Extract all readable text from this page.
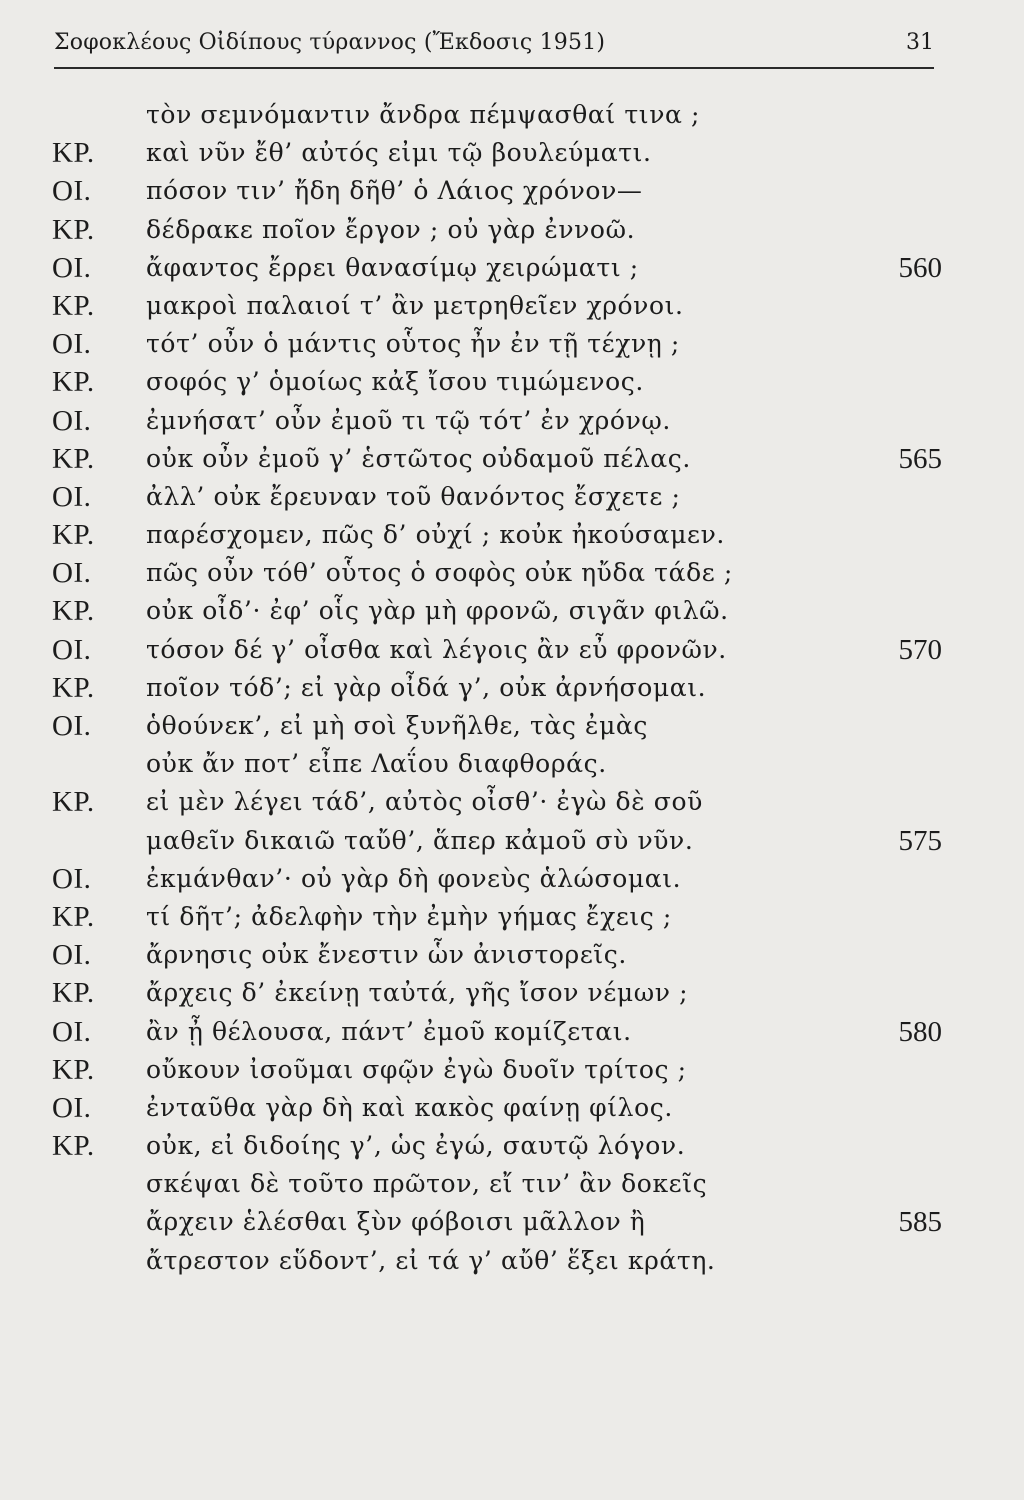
Σοφοκλέους Οἰδίπους τύραννος (Ἔκδοσις 1951)	31
τὸν σεμνόμαντιν ἄνδρα πέμψασθαί τινα ;
ΚΡ. καὶ νῦν ἔθ’ αὐτός εἰμι τῷ βουλεύματι.
ΟΙ. πόσον τιν’ ἤδη δῆθ’ ὁ Λάιος χρόνον—
ΚΡ. δέδρακε ποῖον ἔργον ; οὐ γὰρ ἐννοῶ.
ΟΙ. ἄφαντος ἔρρει θανασίμῳ χειρώματι ;	560
ΚΡ. μακροὶ παλαιοί τ’ ἂν μετρηθεῖεν χρόνοι.
ΟΙ. τότ’ οὖν ὁ μάντις οὗτος ἦν ἐν τῇ τέχνῃ ;
ΚΡ. σοφός γ’ ὁμοίως κἀξ ἴσου τιμώμενος.
ΟΙ. ἐμνήσατ’ οὖν ἐμοῦ τι τῷ τότ’ ἐν χρόνῳ.
ΚΡ. οὐκ οὖν ἐμοῦ γ’ ἑστῶτος οὐδαμοῦ πέλας.	565
ΟΙ. ἀλλ’ οὐκ ἔρευναν τοῦ θανόντος ἔσχετε ;
ΚΡ. παρέσχομεν, πῶς δ’ οὐχί ; κοὐκ ἠκούσαμεν.
ΟΙ. πῶς οὖν τόθ’ οὗτος ὁ σοφὸς οὐκ ηὔδα τάδε ;
ΚΡ. οὐκ οἶδ’· ἐφ’ οἷς γὰρ μὴ φρονῶ, σιγᾶν φιλῶ.
ΟΙ. τόσον δέ γ’ οἶσθα καὶ λέγοις ἂν εὖ φρονῶν.	570
ΚΡ. ποῖον τόδ’; εἰ γὰρ οἶδά γ’, οὐκ ἀρνήσομαι.
ΟΙ. ὁθούνεκ’, εἰ μὴ σοὶ ξυνῆλθε, τὰς ἐμὰς
οὐκ ἄν ποτ’ εἶπε Λαΐου διαφθοράς.
ΚΡ. εἰ μὲν λέγει τάδ’, αὐτὸς οἶσθ’· ἐγὼ δὲ σοῦ
μαθεῖν δικαιῶ ταὔθ’, ἅπερ κἀμοῦ σὺ νῦν.	575
ΟΙ. ἐκμάνθαν’· οὐ γὰρ δὴ φονεὺς ἁλώσομαι.
ΚΡ. τί δῆτ’; ἀδελφὴν τὴν ἐμὴν γήμας ἔχεις ;
ΟΙ. ἄρνησις οὐκ ἔνεστιν ὧν ἀνιστορεῖς.
ΚΡ. ἄρχεις δ’ ἐκείνῃ ταὐτά, γῆς ἴσον νέμων ;
ΟΙ. ἂν ᾖ θέλουσα, πάντ’ ἐμοῦ κομίζεται.	580
ΚΡ. οὔκουν ἰσοῦμαι σφῷν ἐγὼ δυοῖν τρίτος ;
ΟΙ. ἐνταῦθα γὰρ δὴ καὶ κακὸς φαίνῃ φίλος.
ΚΡ. οὐκ, εἰ διδοίης γ’, ὡς ἐγώ, σαυτῷ λόγον.
σκέψαι δὲ τοῦτο πρῶτον, εἴ τιν’ ἂν δοκεῖς
ἄρχειν ἑλέσθαι ξὺν φόβοισι μᾶλλον ἢ	585
ἄτρεστον εὕδοντ’, εἰ τά γ’ αὔθ’ ἕξει κράτη.
